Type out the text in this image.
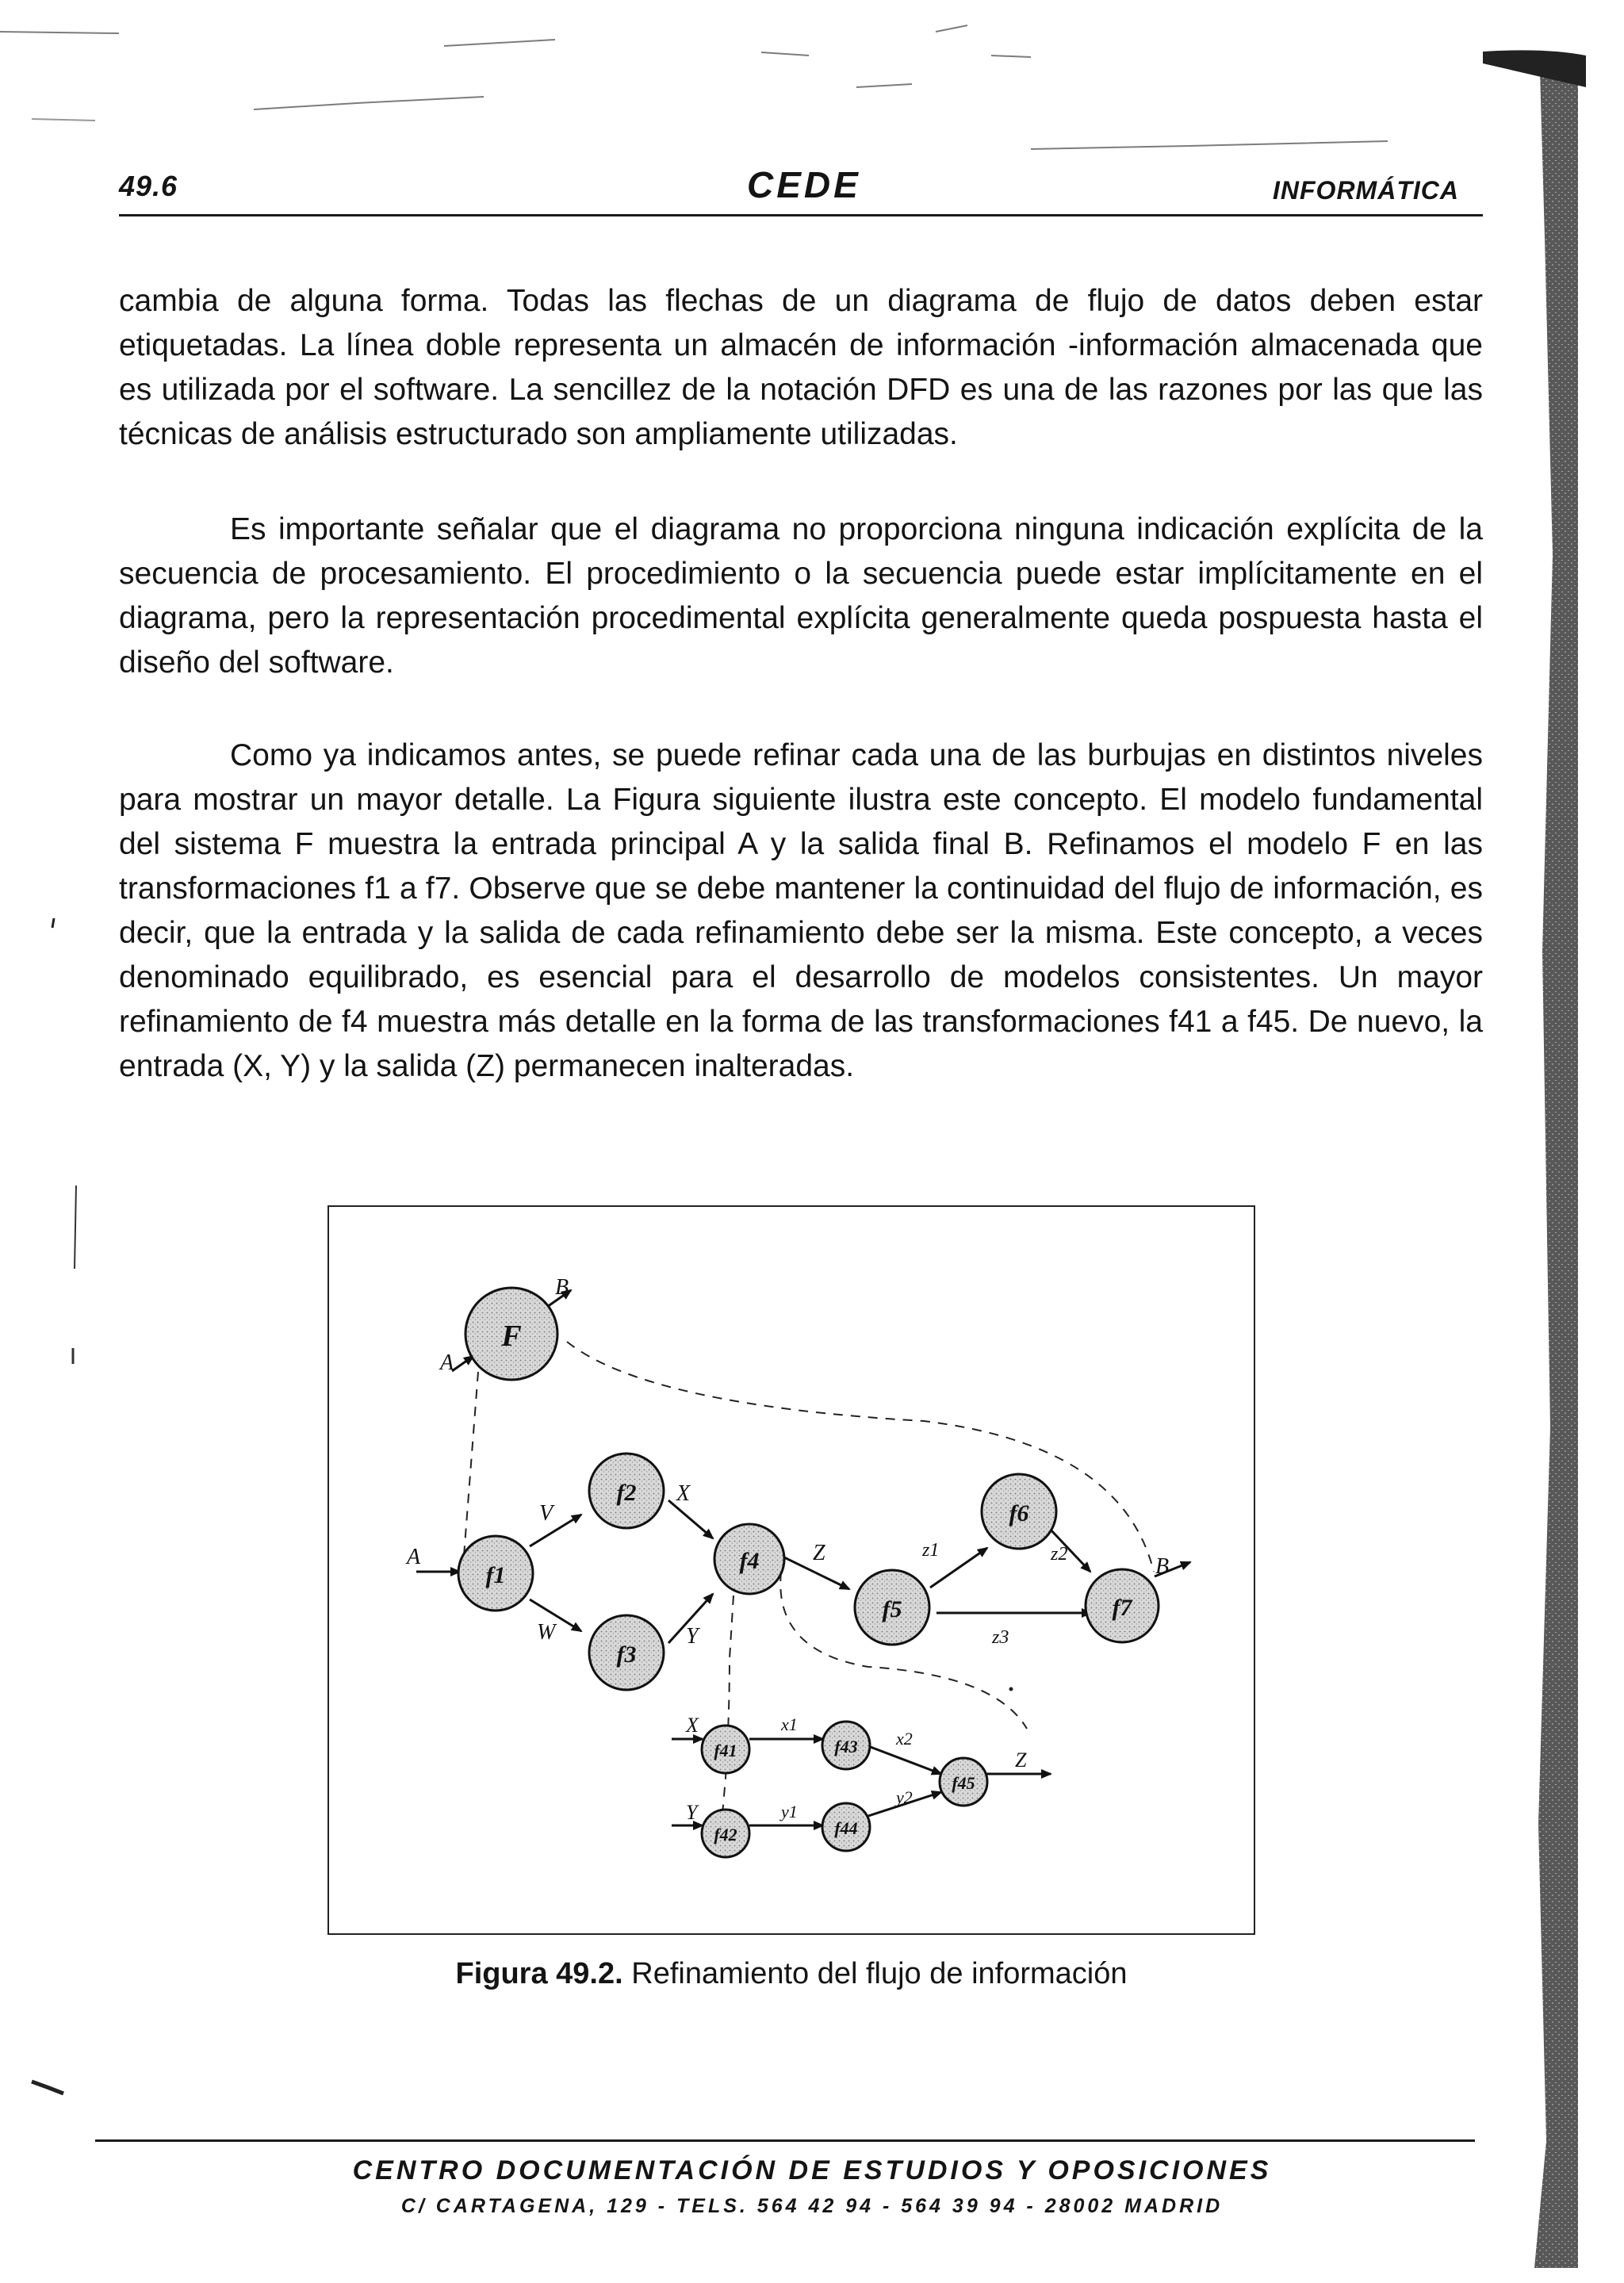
49.6	CEDE	INFORMÁTICA

cambia de alguna forma. Todas las flechas de un diagrama de flujo de datos deben estar etiquetadas. La línea doble representa un almacén de información -información almacenada que es utilizada por el software. La sencillez de la notación DFD es una de las razones por las que las técnicas de análisis estructurado son ampliamente utilizadas.

Es importante señalar que el diagrama no proporciona ninguna indicación explícita de la secuencia de procesamiento. El procedimiento o la secuencia puede estar implícitamente en el diagrama, pero la representación procedimental explícita generalmente queda pospuesta hasta el diseño del software.

Como ya indicamos antes, se puede refinar cada una de las burbujas en distintos niveles para mostrar un mayor detalle. La Figura siguiente ilustra este concepto. El modelo fundamental del sistema F muestra la entrada principal A y la salida final B. Refinamos el modelo F en las transformaciones f1 a f7. Observe que se debe mantener la continuidad del flujo de información, es decir, que la entrada y la salida de cada refinamiento debe ser la misma. Este concepto, a veces denominado equilibrado, es esencial para el desarrollo de modelos consistentes. Un mayor refinamiento de f4 muestra más detalle en la forma de las transformaciones f41 a f45. De nuevo, la entrada (X, Y) y la salida (Z) permanecen inalteradas.

F
f1
f2
f3
f4
f5
f6
f7
f41
f42
f43
f44
f45
A
B
A
V
W
X
Y
Z	z1	z2
z3
B
X	x1
x2
Z
Y	y1
y2
Figura 49.2. Refinamiento del flujo de información
CENTRO DOCUMENTACIÓN DE ESTUDIOS Y OPOSICIONES
C/ CARTAGENA, 129 - TELS. 564 42 94 - 564 39 94 - 28002 MADRID
